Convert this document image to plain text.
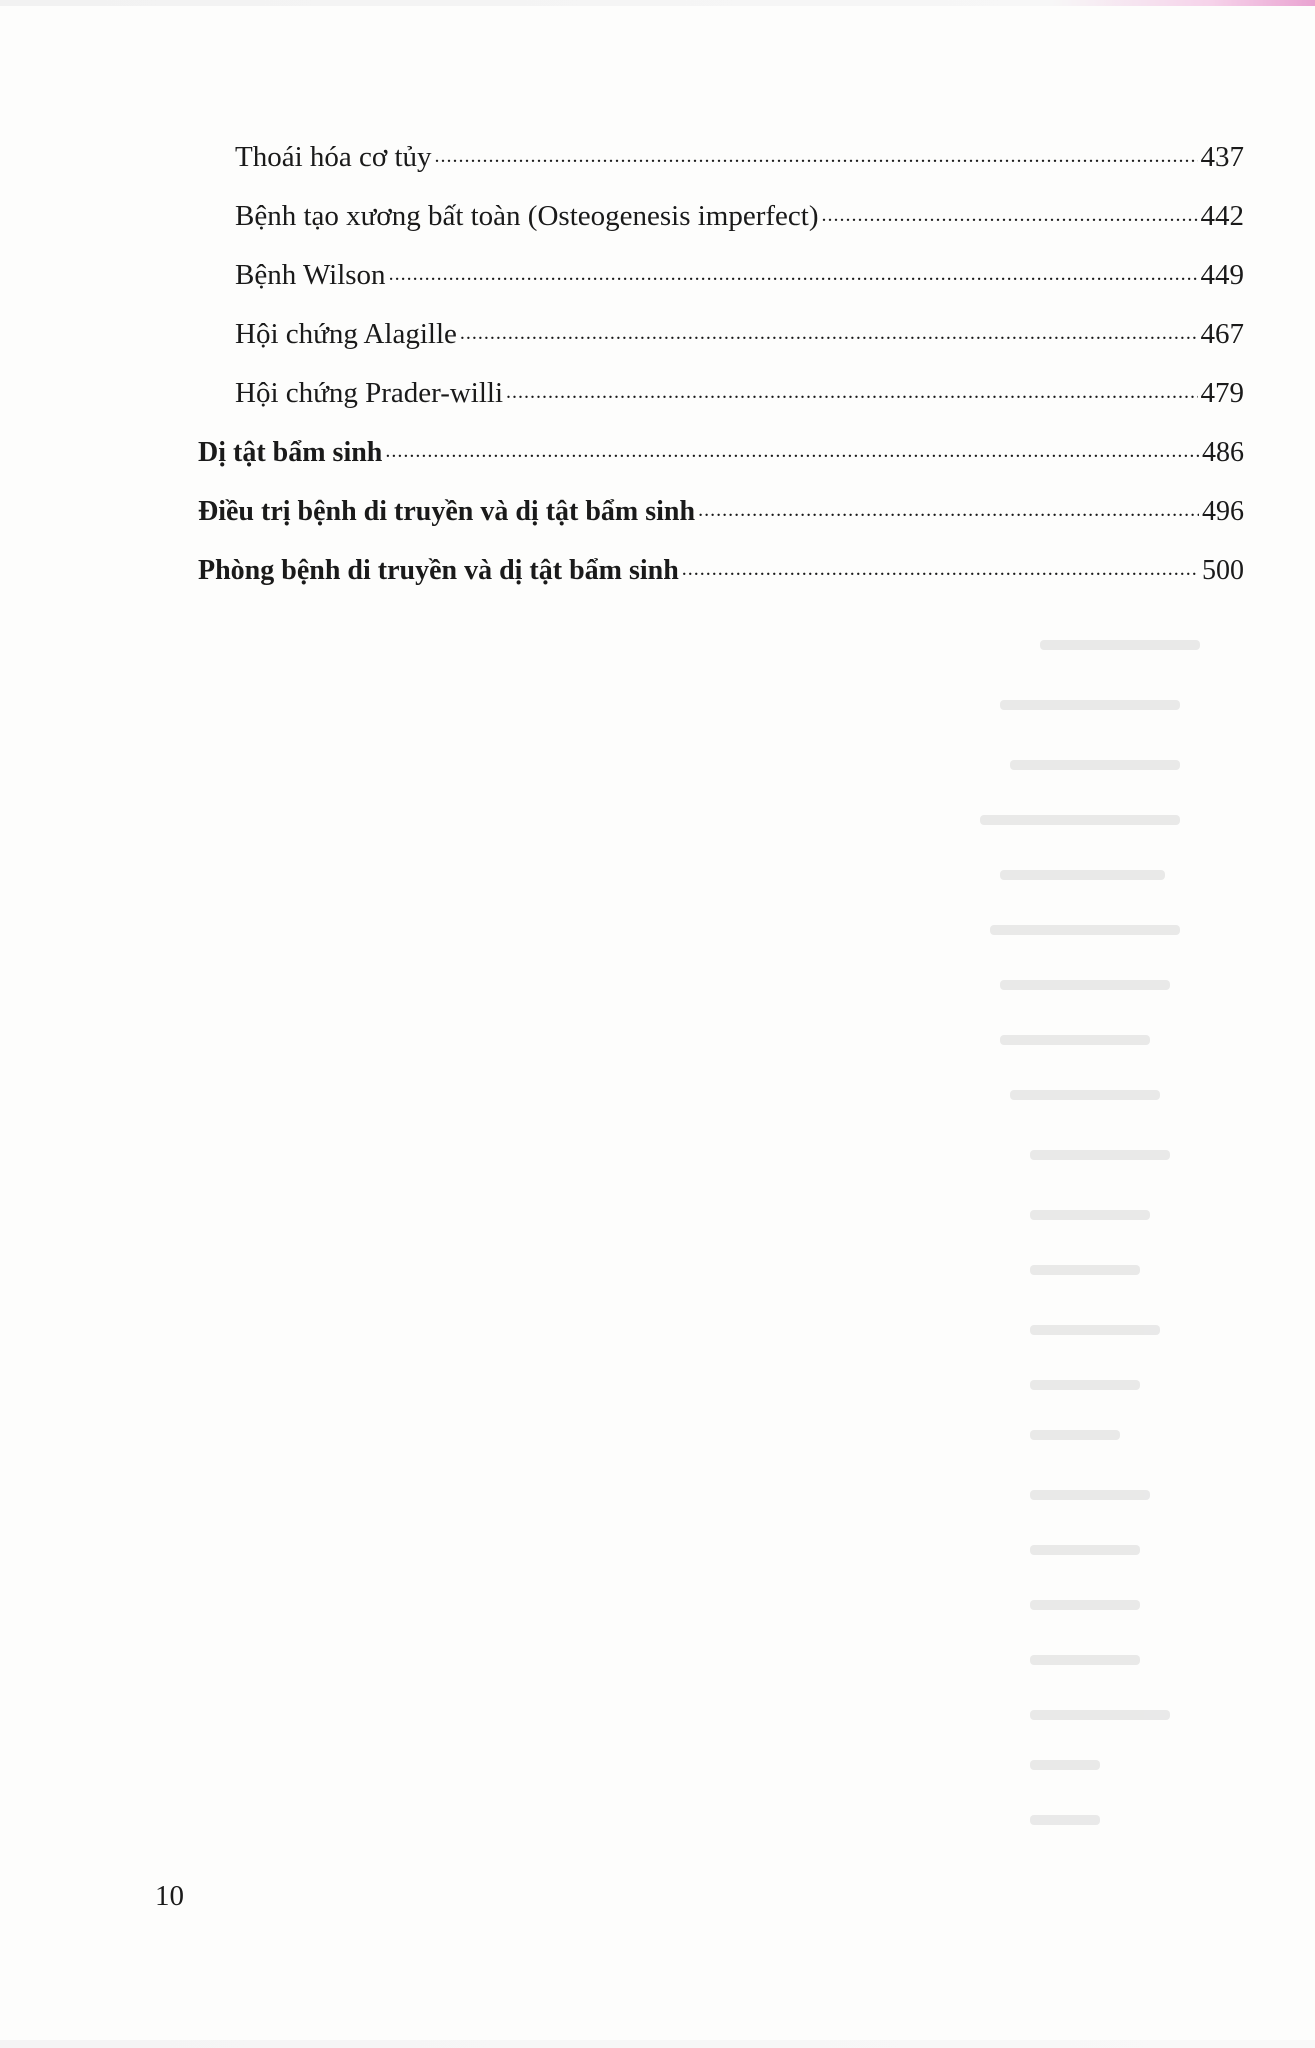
Thoái hóa cơ tủy .....	437
Bệnh tạo xương bất toàn (Osteogenesis imperfect) .....	442
Bệnh Wilson .....	449
Hội chứng Alagille .....	467
Hội chứng Prader-willi .....	479
Dị tật bẩm sinh .....	486
Điều trị bệnh di truyền và dị tật bẩm sinh .....	496
Phòng bệnh di truyền và dị tật bẩm sinh .....	500
10
